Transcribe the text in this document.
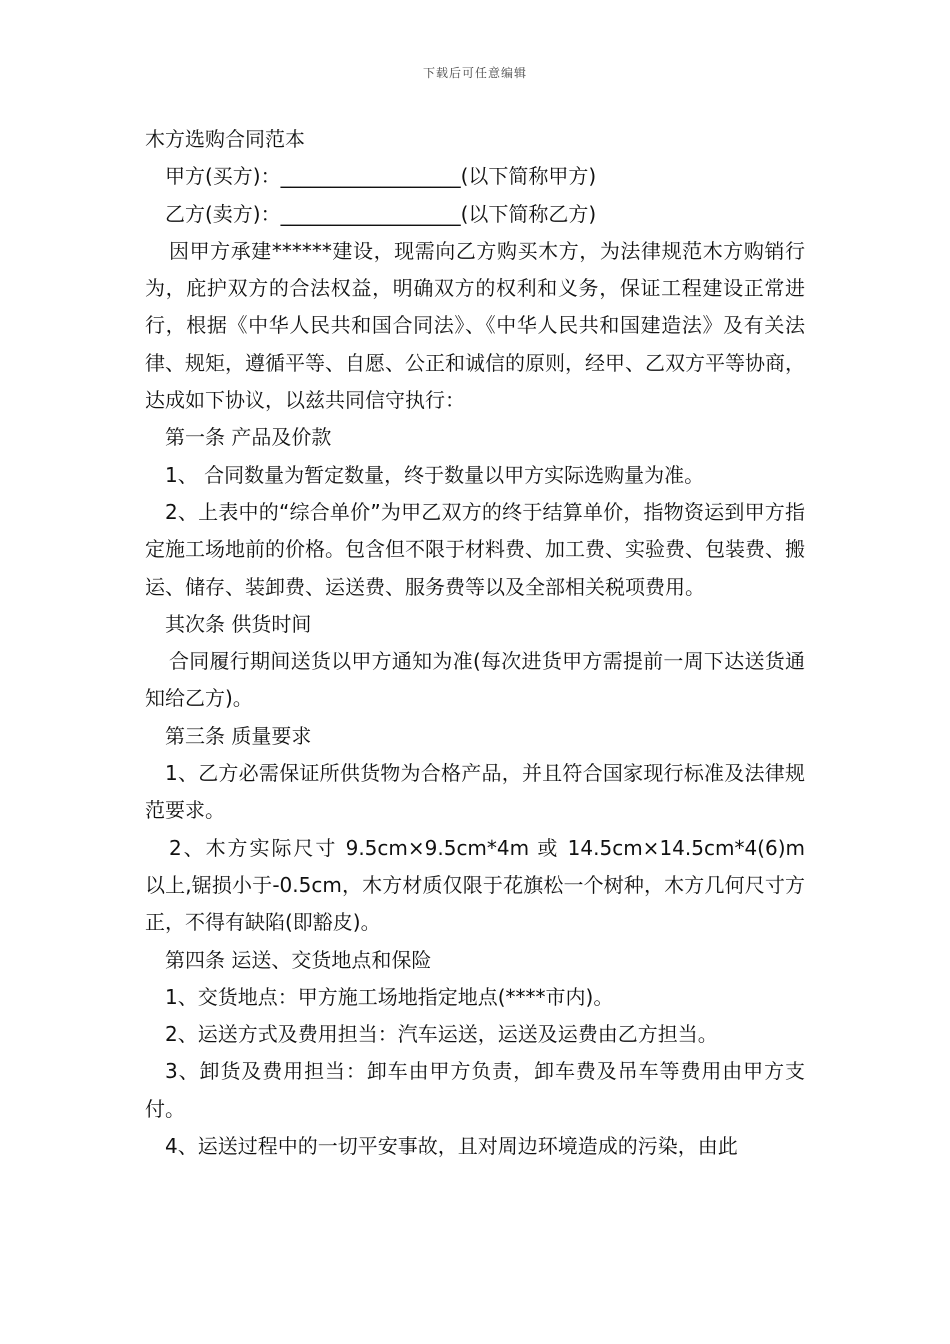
下载后可任意编辑

木方选购合同范本

甲方(买方)：__________________(以下简称甲方)

乙方(卖方)：__________________(以下简称乙方)

因甲方承建******建设，现需向乙方购买木方，为法律规范木方购销行为，庇护双方的合法权益，明确双方的权利和义务，保证工程建设正常进行，根据《中华人民共和国合同法》、《中华人民共和国建造法》及有关法律、规矩，遵循平等、自愿、公正和诚信的原则，经甲、乙双方平等协商，达成如下协议，以兹共同信守执行：

第一条 产品及价款

1、 合同数量为暂定数量，终于数量以甲方实际选购量为准。

2、上表中的“综合单价”为甲乙双方的终于结算单价，指物资运到甲方指定施工场地前的价格。包含但不限于材料费、加工费、实验费、包装费、搬运、储存、装卸费、运送费、服务费等以及全部相关税项费用。

其次条 供货时间

合同履行期间送货以甲方通知为准(每次进货甲方需提前一周下达送货通知给乙方)。

第三条 质量要求

1、乙方必需保证所供货物为合格产品，并且符合国家现行标准及法律规范要求。

2、木方实际尺寸 9.5cm×9.5cm*4m 或 14.5cm×14.5cm*4(6)m 以上,锯损小于-0.5cm，木方材质仅限于花旗松一个树种，木方几何尺寸方正，不得有缺陷(即豁皮)。

第四条 运送、交货地点和保险

1、交货地点：甲方施工场地指定地点(****市内)。

2、运送方式及费用担当：汽车运送，运送及运费由乙方担当。

3、卸货及费用担当：卸车由甲方负责，卸车费及吊车等费用由甲方支付。

4、运送过程中的一切平安事故，且对周边环境造成的污染，由此
